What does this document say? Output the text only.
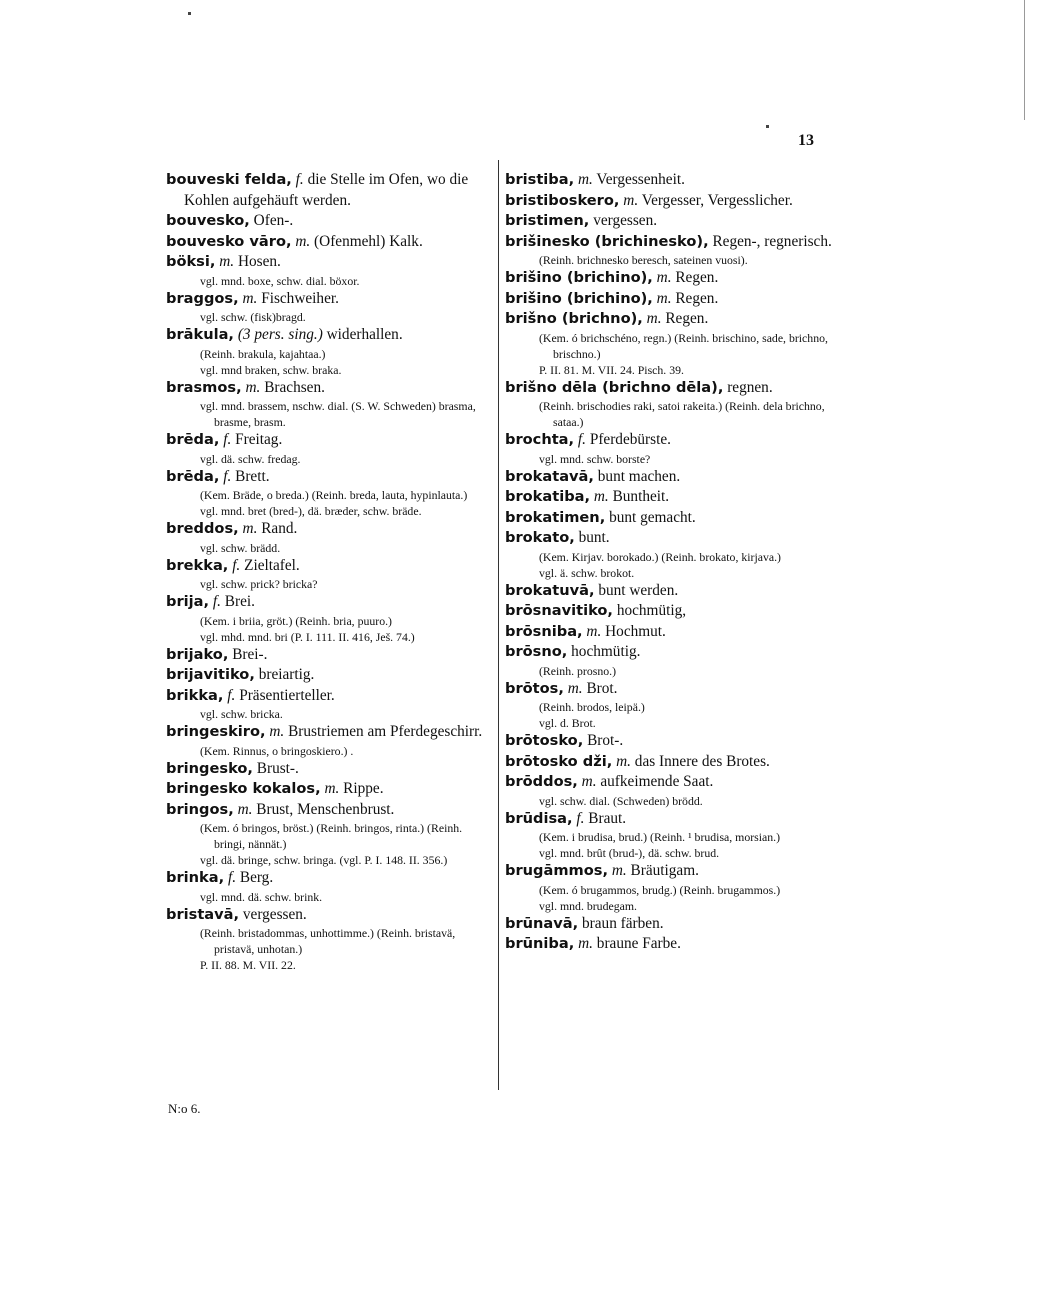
13

bouveski felda, f. die Stelle im Ofen, wo die Kohlen aufgehäuft werden.

bouvesko, Ofen-.

bouvesko vāro, m. (Ofenmehl) Kalk.

böksi, m. Hosen.

vgl. mnd. boxe, schw. dial. böxor.

braggos, m. Fischweiher.

vgl. schw. (fisk)bragd.

brākula, (3 pers. sing.) widerhallen.

(Reinh. brakula, kajahtaa.)

vgl. mnd braken, schw. braka.

brasmos, m. Brachsen.

vgl. mnd. brassem, nschw. dial. (S. W. Schweden) brasma, brasme, brasm.

brēda, f. Freitag.

vgl. dä. schw. fredag.

brēda, f. Brett.

(Kem. Bräde, o breda.) (Reinh. breda, lauta, hypinlauta.)

vgl. mnd. bret (bred-), dä. bræder, schw. bräde.

breddos, m. Rand.

vgl. schw. brädd.

brekka, f. Zieltafel.

vgl. schw. prick? bricka?

brija, f. Brei.

(Kem. i briia, gröt.) (Reinh. bria, puuro.)

vgl. mhd. mnd. bri (P. I. 111. II. 416, Ješ. 74.)

brijako, Brei-.

brijavitiko, breiartig.

brikka, f. Präsentierteller.

vgl. schw. bricka.

bringeskiro, m. Brustriemen am Pferdegeschirr.

(Kem. Rinnus, o bringoskiero.) .

bringesko, Brust-.

bringesko kokalos, m. Rippe.

bringos, m. Brust, Menschenbrust.

(Kem. ó bringos, bröst.) (Reinh. bringos, rinta.) (Reinh. bringi, nännät.)

vgl. dä. bringe, schw. bringa. (vgl. P. I. 148. II. 356.)

brinka, f. Berg.

vgl. mnd. dä. schw. brink.

bristavā, vergessen.

(Reinh. bristadommas, unhottimme.) (Reinh. bristavä, pristavä, unhotan.)

P. II. 88. M. VII. 22.

bristiba, m. Vergessenheit.

bristiboskero, m. Vergesser, Vergesslicher.

bristimen, vergessen.

brišinesko (brichinesko), Regen-, regnerisch.

(Reinh. brichnesko beresch, sateinen vuosi).

brišino (brichino), m. Regen.

brišino (brichino), m. Regen.

brišno (brichno), m. Regen.

(Kem. ó brichschéno, regn.) (Reinh. brischino, sade, brichno, brischno.)

P. II. 81. M. VII. 24. Pisch. 39.

brišno dēla (brichno dēla), regnen.

(Reinh. brischodies raki, satoi rakeita.) (Reinh. dela brichno, sataa.)

brochta, f. Pferdebürste.

vgl. mnd. schw. borste?

brokatavā, bunt machen.

brokatiba, m. Buntheit.

brokatimen, bunt gemacht.

brokato, bunt.

(Kem. Kirjav. borokado.) (Reinh. brokato, kirjava.)

vgl. ä. schw. brokot.

brokatuvā, bunt werden.

brōsnavitiko, hochmütig,

brōsniba, m. Hochmut.

brōsno, hochmütig.

(Reinh. prosno.)

brōtos, m. Brot.

(Reinh. brodos, leipä.)

vgl. d. Brot.

brōtosko, Brot-.

brōtosko dži, m. das Innere des Brotes.

brōddos, m. aufkeimende Saat.

vgl. schw. dial. (Schweden) brödd.

brūdisa, f. Braut.

(Kem. i brudisa, brud.) (Reinh. ¹ brudisa, morsian.)

vgl. mnd. brût (brud-), dä. schw. brud.

brugāmmos, m. Bräutigam.

(Kem. ó brugammos, brudg.) (Reinh. brugammos.)

vgl. mnd. brudegam.

brūnavā, braun färben.

brūniba, m. braune Farbe.

N:o 6.
